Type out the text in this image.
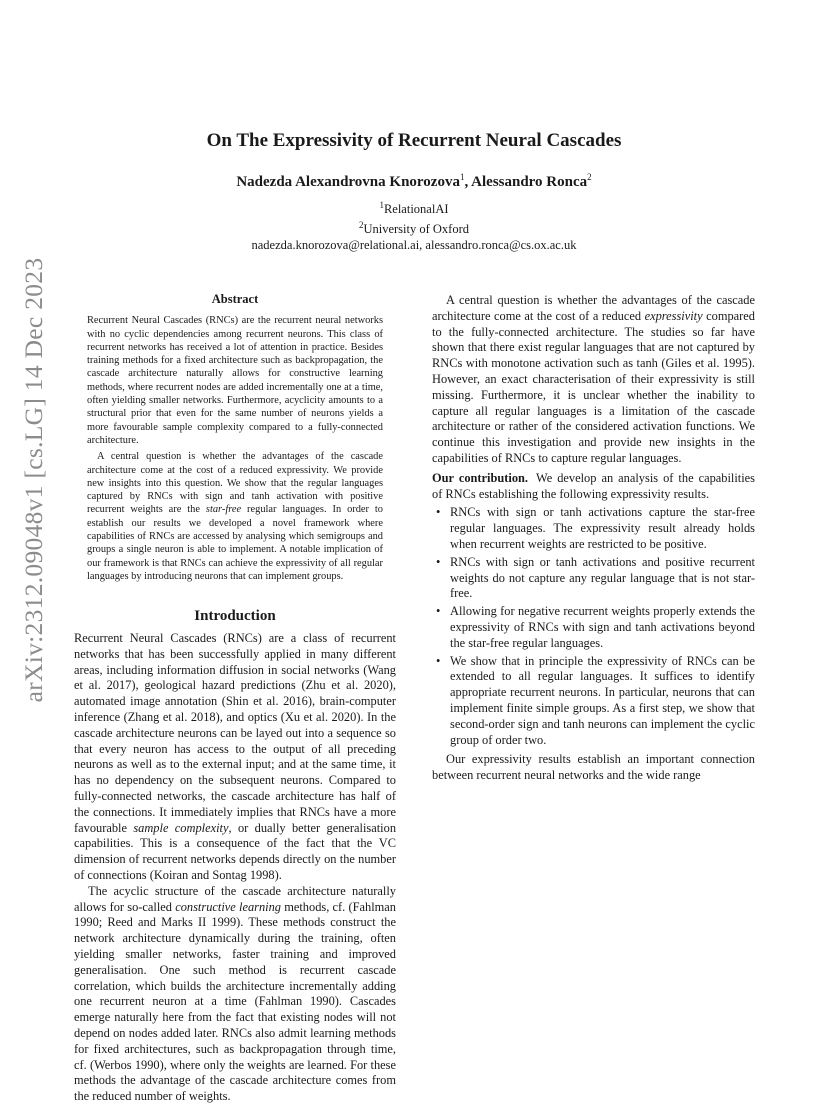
arXiv:2312.09048v1 [cs.LG] 14 Dec 2023
On The Expressivity of Recurrent Neural Cascades
Nadezda Alexandrovna Knorozova$^1$, Alessandro Ronca$^2$
$^1$RelationalAI
$^2$University of Oxford
nadezda.knorozova@relational.ai, alessandro.ronca@cs.ox.ac.uk
Abstract

Recurrent Neural Cascades (RNCs) are the recurrent neural networks with no cyclic dependencies among recurrent neurons. This class of recurrent networks has received a lot of attention in practice. Besides training methods for a fixed architecture such as backpropagation, the cascade architecture naturally allows for constructive learning methods, where recurrent nodes are added incrementally one at a time, often yielding smaller networks. Furthermore, acyclicity amounts to a structural prior that even for the same number of neurons yields a more favourable sample complexity compared to a fully-connected architecture.

A central question is whether the advantages of the cascade architecture come at the cost of a reduced expressivity. We provide new insights into this question. We show that the regular languages captured by RNCs with sign and tanh activation with positive recurrent weights are the star-free regular languages. In order to establish our results we developed a novel framework where capabilities of RNCs are accessed by analysing which semigroups and groups a single neuron is able to implement. A notable implication of our framework is that RNCs can achieve the expressivity of all regular languages by introducing neurons that can implement groups.

Introduction

Recurrent Neural Cascades (RNCs) are a class of recurrent networks that has been successfully applied in many different areas, including information diffusion in social networks (Wang et al. 2017), geological hazard predictions (Zhu et al. 2020), automated image annotation (Shin et al. 2016), brain-computer inference (Zhang et al. 2018), and optics (Xu et al. 2020). In the cascade architecture neurons can be layed out into a sequence so that every neuron has access to the output of all preceding neurons as well as to the external input; and at the same time, it has no dependency on the subsequent neurons. Compared to fully-connected networks, the cascade architecture has half of the connections. It immediately implies that RNCs have a more favourable sample complexity, or dually better generalisation capabilities. This is a consequence of the fact that the VC dimension of recurrent networks depends directly on the number of connections (Koiran and Sontag 1998).

The acyclic structure of the cascade architecture naturally allows for so-called constructive learning methods, cf. (Fahlman 1990; Reed and Marks II 1999). These methods construct the network architecture dynamically during the training, often yielding smaller networks, faster training and improved generalisation. One such method is recurrent cascade correlation, which builds the architecture incrementally adding one recurrent neuron at a time (Fahlman 1990). Cascades emerge naturally here from the fact that existing nodes will not depend on nodes added later. RNCs also admit learning methods for fixed architectures, such as backpropagation through time, cf. (Werbos 1990), where only the weights are learned. For these methods the advantage of the cascade architecture comes from the reduced number of weights.

A central question is whether the advantages of the cascade architecture come at the cost of a reduced expressivity compared to the fully-connected architecture. The studies so far have shown that there exist regular languages that are not captured by RNCs with monotone activation such as tanh (Giles et al. 1995). However, an exact characterisation of their expressivity is still missing. Furthermore, it is unclear whether the inability to capture all regular languages is a limitation of the cascade architecture or rather of the considered activation functions. We continue this investigation and provide new insights in the capabilities of RNCs to capture regular languages.

Our contribution. We develop an analysis of the capabilities of RNCs establishing the following expressivity results.

• RNCs with sign or tanh activations capture the star-free regular languages. The expressivity result already holds when recurrent weights are restricted to be positive.
• RNCs with sign or tanh activations and positive recurrent weights do not capture any regular language that is not star-free.
• Allowing for negative recurrent weights properly extends the expressivity of RNCs with sign and tanh activations beyond the star-free regular languages.
• We show that in principle the expressivity of RNCs can be extended to all regular languages. It suffices to identify appropriate recurrent neurons. In particular, neurons that can implement finite simple groups. As a first step, we show that second-order sign and tanh neurons can implement the cyclic group of order two.

Our expressivity results establish an important connection between recurrent neural networks and the wide range
